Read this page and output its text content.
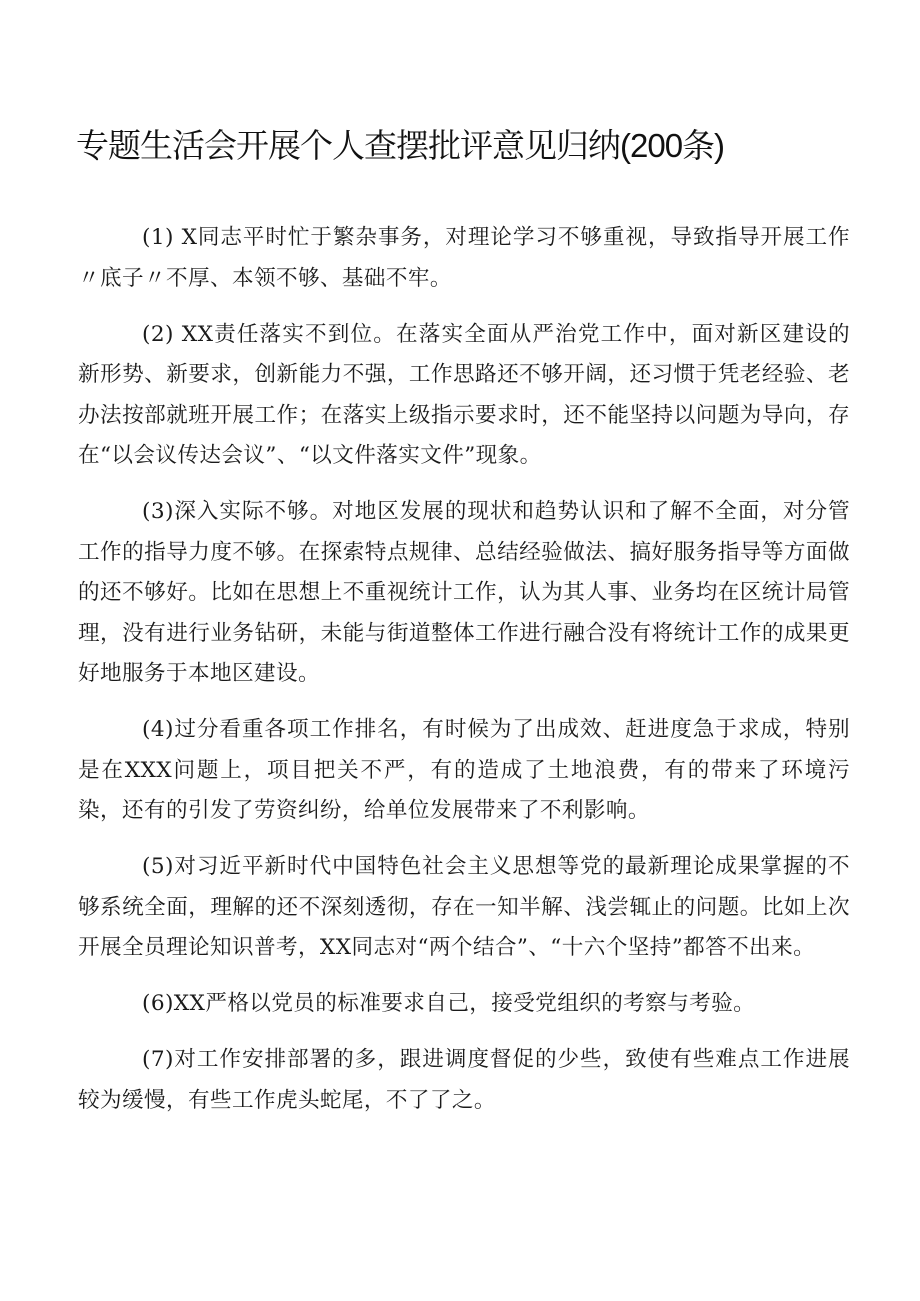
专题生活会开展个人查摆批评意见归纳(200条)

(1) X同志平时忙于繁杂事务，对理论学习不够重视，导致指导开展工作〃底子〃不厚、本领不够、基础不牢。

(2) XX责任落实不到位。在落实全面从严治党工作中，面对新区建设的新形势、新要求，创新能力不强，工作思路还不够开阔，还习惯于凭老经验、老办法按部就班开展工作；在落实上级指示要求时，还不能坚持以问题为导向，存在“以会议传达会议”、“以文件落实文件”现象。

(3)深入实际不够。对地区发展的现状和趋势认识和了解不全面，对分管工作的指导力度不够。在探索特点规律、总结经验做法、搞好服务指导等方面做的还不够好。比如在思想上不重视统计工作，认为其人事、业务均在区统计局管理，没有进行业务钻研，未能与街道整体工作进行融合没有将统计工作的成果更好地服务于本地区建设。

(4)过分看重各项工作排名，有时候为了出成效、赶进度急于求成，特别是在XXX问题上，项目把关不严，有的造成了土地浪费，有的带来了环境污染，还有的引发了劳资纠纷，给单位发展带来了不利影响。

(5)对习近平新时代中国特色社会主义思想等党的最新理论成果掌握的不够系统全面，理解的还不深刻透彻，存在一知半解、浅尝辄止的问题。比如上次开展全员理论知识普考，XX同志对“两个结合”、“十六个坚持”都答不出来。

(6)XX严格以党员的标准要求自己，接受党组织的考察与考验。

(7)对工作安排部署的多，跟进调度督促的少些，致使有些难点工作进展较为缓慢，有些工作虎头蛇尾，不了了之。
